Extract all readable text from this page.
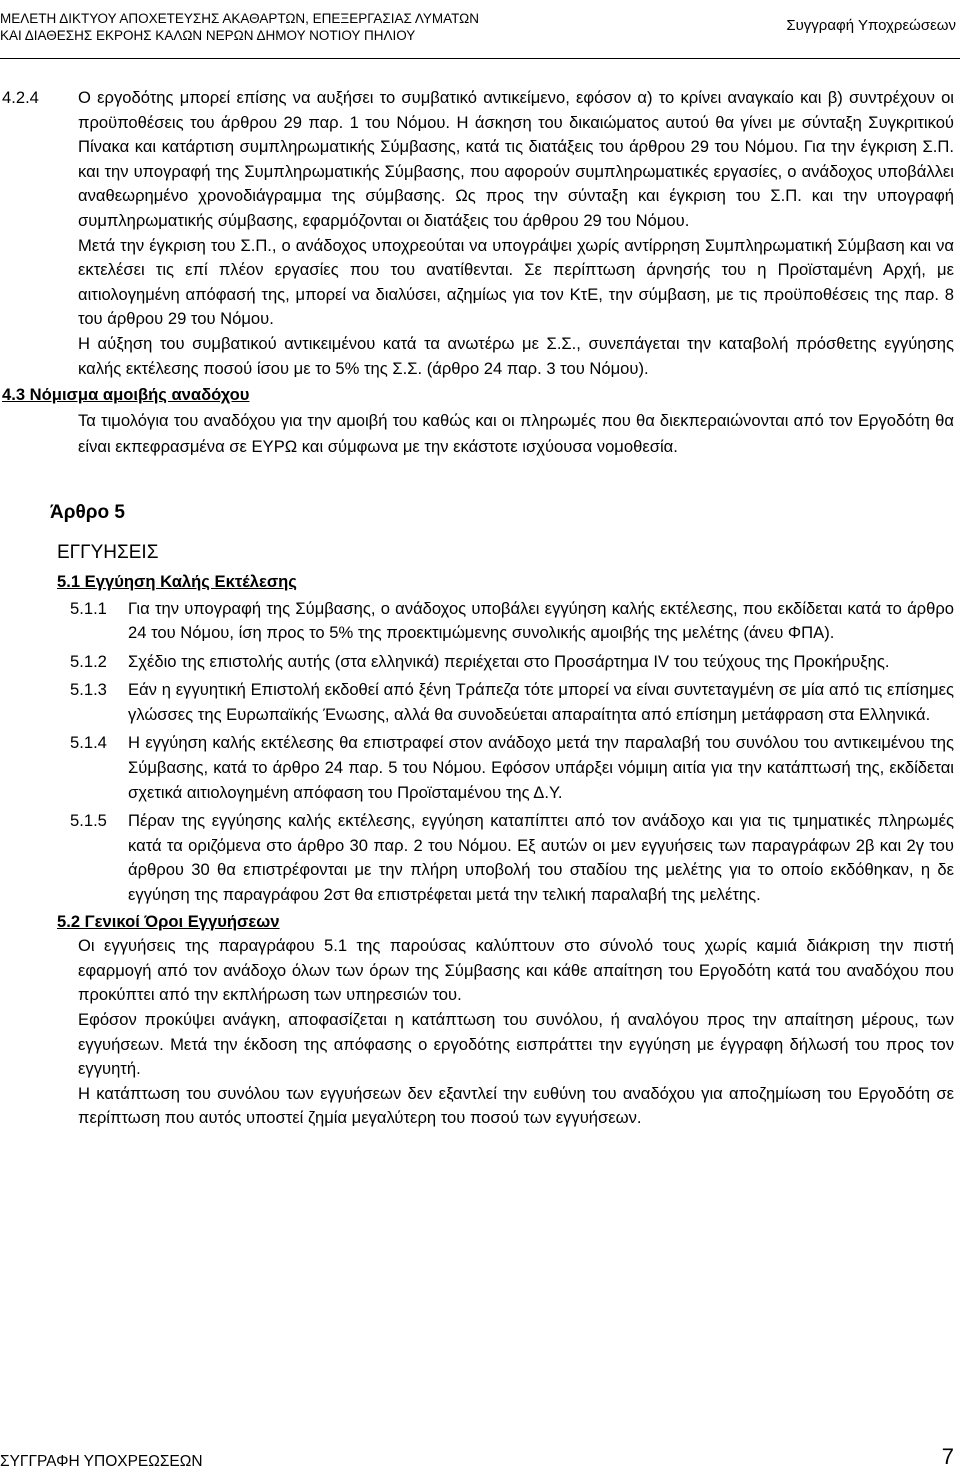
ΜΕΛΕΤΗ ΔΙΚΤΥΟΥ ΑΠΟΧΕΤΕΥΣΗΣ ΑΚΑΘΑΡΤΩΝ, ΕΠΕΞΕΡΓΑΣΙΑΣ ΛΥΜΑΤΩΝ
ΚΑΙ ΔΙΑΘΕΣΗΣ ΕΚΡΟΗΣ ΚΑΛΩΝ ΝΕΡΩΝ ΔΗΜΟΥ ΝΟΤΙΟΥ ΠΗΛΙΟΥ
Συγγραφή Υποχρεώσεων
4.2.4 Ο εργοδότης μπορεί επίσης να αυξήσει το συμβατικό αντικείμενο, εφόσον α) το κρίνει αναγκαίο και β) συντρέχουν οι προϋποθέσεις του άρθρου 29 παρ. 1 του Νόμου. Η άσκηση του δικαιώματος αυτού θα γίνει με σύνταξη Συγκριτικού Πίνακα και κατάρτιση συμπληρωματικής Σύμβασης, κατά τις διατάξεις του άρθρου 29 του Νόμου. Για την έγκριση Σ.Π. και την υπογραφή της Συμπληρωματικής Σύμβασης, που αφορούν συμπληρωματικές εργασίες, ο ανάδοχος υποβάλλει αναθεωρημένο χρονοδιάγραμμα της σύμβασης. Ως προς την σύνταξη και έγκριση του Σ.Π. και την υπογραφή συμπληρωματικής σύμβασης, εφαρμόζονται οι διατάξεις του άρθρου 29 του Νόμου.

Μετά την έγκριση του Σ.Π., ο ανάδοχος υποχρεούται να υπογράψει χωρίς αντίρρηση Συμπληρωματική Σύμβαση και να εκτελέσει τις επί πλέον εργασίες που του ανατίθενται. Σε περίπτωση άρνησής του η Προϊσταμένη Αρχή, με αιτιολογημένη απόφασή της, μπορεί να διαλύσει, αζημίως για τον ΚτΕ, την σύμβαση, με τις προϋποθέσεις της παρ. 8 του άρθρου 29 του Νόμου.

Η αύξηση του συμβατικού αντικειμένου κατά τα ανωτέρω με Σ.Σ., συνεπάγεται την καταβολή πρόσθετης εγγύησης καλής εκτέλεσης ποσού ίσου με το 5% της Σ.Σ. (άρθρο 24 παρ. 3 του Νόμου).

4.3 Νόμισμα αμοιβής αναδόχου

Τα τιμολόγια του αναδόχου για την αμοιβή του καθώς και οι πληρωμές που θα διεκπεραιώνονται από τον Εργοδότη θα είναι εκπεφρασμένα σε ΕΥΡΩ και σύμφωνα με την εκάστοτε ισχύουσα νομοθεσία.

Άρθρο 5

ΕΓΓΥΗΣΕΙΣ

5.1 Εγγύηση Καλής Εκτέλεσης
5.1.1 Για την υπογραφή της Σύμβασης, ο ανάδοχος υποβάλει εγγύηση καλής εκτέλεσης, που εκδίδεται κατά το άρθρο 24 του Νόμου, ίση προς το 5% της προεκτιμώμενης συνολικής αμοιβής της μελέτης (άνευ ΦΠΑ).
5.1.2 Σχέδιο της επιστολής αυτής (στα ελληνικά) περιέχεται στο Προσάρτημα IV του τεύχους της Προκήρυξης.
5.1.3 Εάν η εγγυητική Επιστολή εκδοθεί από ξένη Τράπεζα τότε μπορεί να είναι συντεταγμένη σε μία από τις επίσημες γλώσσες της Ευρωπαϊκής Ένωσης, αλλά θα συνοδεύεται απαραίτητα από επίσημη μετάφραση στα Ελληνικά.
5.1.4 Η εγγύηση καλής εκτέλεσης θα επιστραφεί στον ανάδοχο μετά την παραλαβή του συνόλου του αντικειμένου της Σύμβασης, κατά το άρθρο 24 παρ. 5 του Νόμου. Εφόσον υπάρξει νόμιμη αιτία για την κατάπτωσή της, εκδίδεται σχετικά αιτιολογημένη απόφαση του Προϊσταμένου της Δ.Υ.
5.1.5 Πέραν της εγγύησης καλής εκτέλεσης, εγγύηση καταπίπτει από τον ανάδοχο και για τις τμηματικές πληρωμές κατά τα οριζόμενα στο άρθρο 30 παρ. 2 του Νόμου. Εξ αυτών οι μεν εγγυήσεις των παραγράφων 2β και 2γ του άρθρου 30 θα επιστρέφονται με την πλήρη υποβολή του σταδίου της μελέτης για το οποίο εκδόθηκαν, η δε εγγύηση της παραγράφου 2στ θα επιστρέφεται μετά την τελική παραλαβή της μελέτης.
5.2 Γενικοί Όροι Εγγυήσεων

Οι εγγυήσεις της παραγράφου 5.1 της παρούσας καλύπτουν στο σύνολό τους χωρίς καμιά διάκριση την πιστή εφαρμογή από τον ανάδοχο όλων των όρων της Σύμβασης και κάθε απαίτηση του Εργοδότη κατά του αναδόχου που προκύπτει από την εκπλήρωση των υπηρεσιών του.

Εφόσον προκύψει ανάγκη, αποφασίζεται η κατάπτωση του συνόλου, ή αναλόγου προς την απαίτηση μέρους, των εγγυήσεων. Μετά την έκδοση της απόφασης ο εργοδότης εισπράττει την εγγύηση με έγγραφη δήλωσή του προς τον εγγυητή.

Η κατάπτωση του συνόλου των εγγυήσεων δεν εξαντλεί την ευθύνη του αναδόχου για αποζημίωση του Εργοδότη σε περίπτωση που αυτός υποστεί ζημία μεγαλύτερη του ποσού των εγγυήσεων.

ΣΥΓΓΡΑΦΗ ΥΠΟΧΡΕΩΣΕΩΝ	7
